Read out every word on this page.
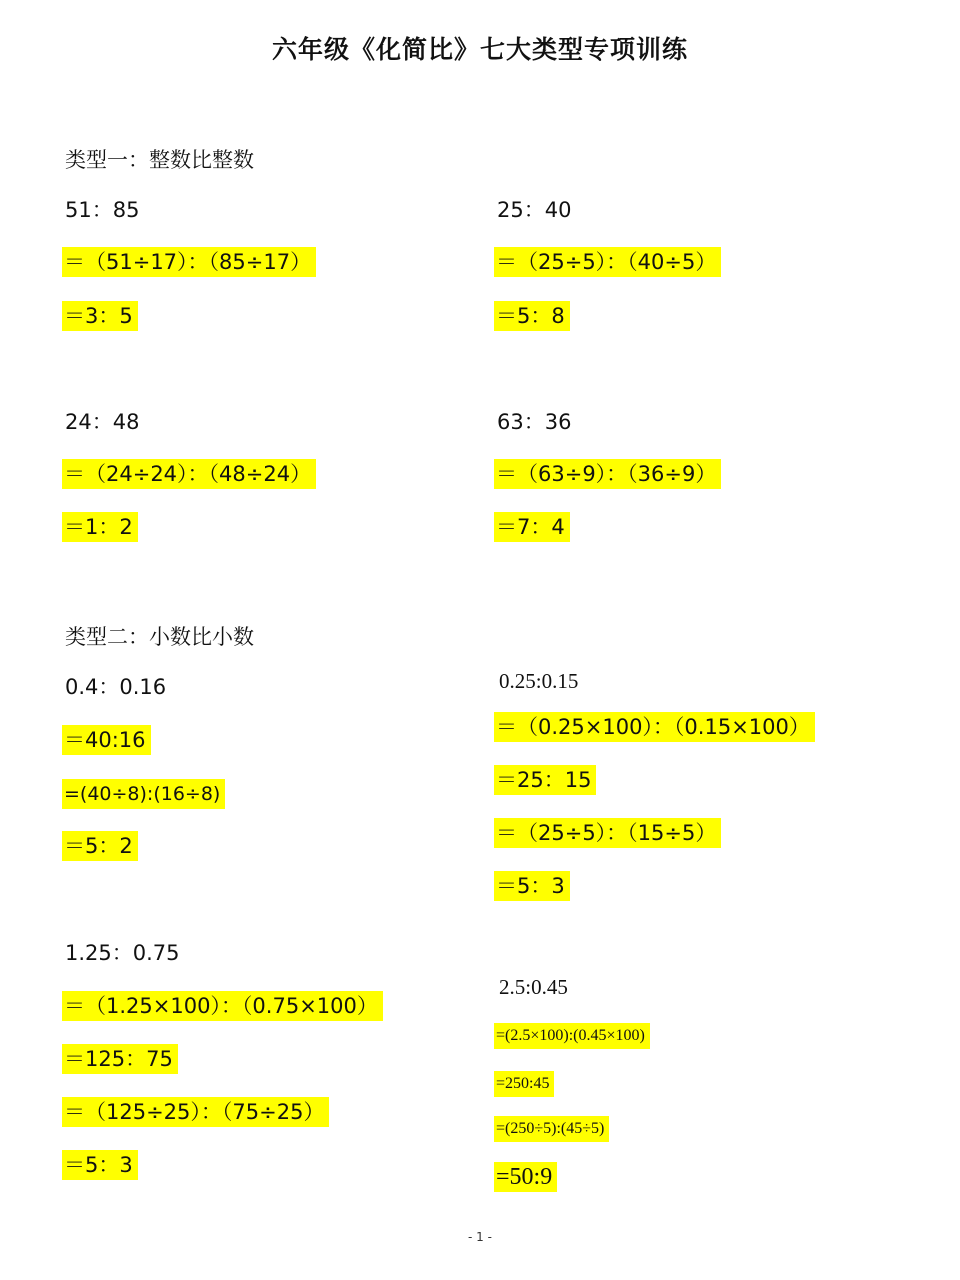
六年级《化简比》七大类型专项训练
类型一：整数比整数
51：85
＝（51÷17）：（85÷17）
＝3：5
25：40
＝（25÷5）：（40÷5）
＝5：8
24：48
＝（24÷24）：（48÷24）
＝1：2
63：36
＝（63÷9）：（36÷9）
＝7：4
类型二：小数比小数
0.4：0.16
＝40:16
=(40÷8):(16÷8)
＝5：2
0.25:0.15
＝（0.25×100）：（0.15×100）
＝25：15
＝（25÷5）：（15÷5）
＝5：3
1.25：0.75
＝（1.25×100）：（0.75×100）
＝125：75
＝（125÷25）：（75÷25）
＝5：3
2.5:0.45
=(2.5×100):(0.45×100)
=250:45
=(250÷5):(45÷5)
=50:9
- 1 -
